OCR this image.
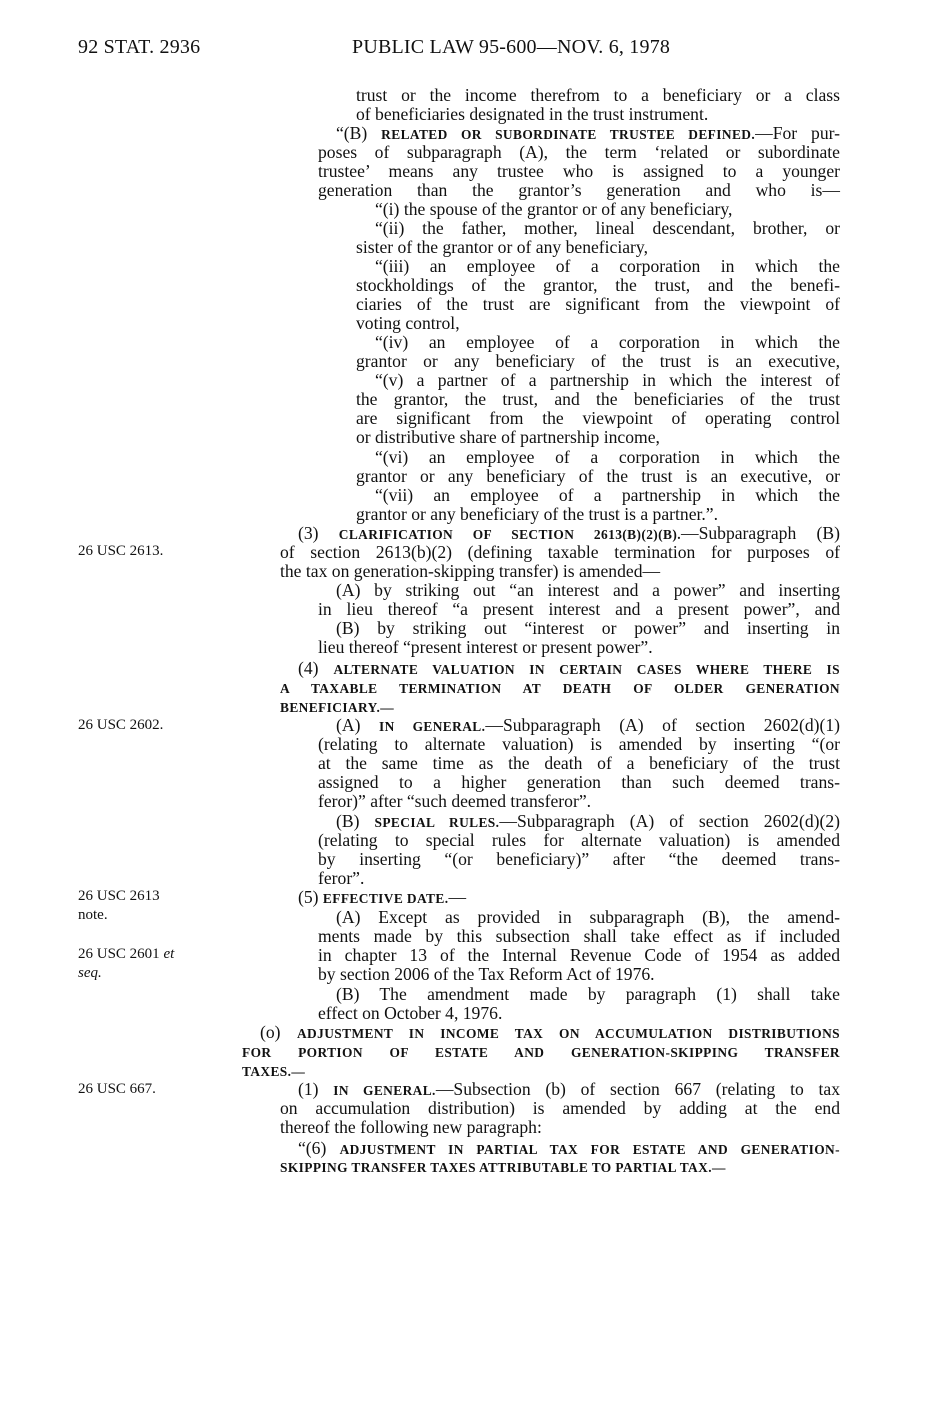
92 STAT. 2936	PUBLIC LAW 95-600—NOV. 6, 1978
26 USC 2613.
26 USC 2602.
26 USC 2613
note.
26 USC 2601 et
seq.
26 USC 667.
trust or the income therefrom to a beneficiary or a class
of beneficiaries designated in the trust instrument.
“(B) RELATED OR SUBORDINATE TRUSTEE DEFINED.—For pur-
poses of subparagraph (A), the term ‘related or subordinate
trustee’ means any trustee who is assigned to a younger
generation than the grantor’s generation and who is—
“(i) the spouse of the grantor or of any beneficiary,
“(ii) the father, mother, lineal descendant, brother, or
sister of the grantor or of any beneficiary,
“(iii) an employee of a corporation in which the
stockholdings of the grantor, the trust, and the benefi-
ciaries of the trust are significant from the viewpoint of
voting control,
“(iv) an employee of a corporation in which the
grantor or any beneficiary of the trust is an executive,
“(v) a partner of a partnership in which the interest of
the grantor, the trust, and the beneficiaries of the trust
are significant from the viewpoint of operating control
or distributive share of partnership income,
“(vi) an employee of a corporation in which the
grantor or any beneficiary of the trust is an executive, or
“(vii) an employee of a partnership in which the
grantor or any beneficiary of the trust is a partner.”.
(3) CLARIFICATION OF SECTION 2613(B)(2)(B).—Subparagraph (B)
of section 2613(b)(2) (defining taxable termination for purposes of
the tax on generation-skipping transfer) is amended—
(A) by striking out “an interest and a power” and inserting
in lieu thereof “a present interest and a present power”, and
(B) by striking out “interest or power” and inserting in
lieu thereof “present interest or present power”.
(4) ALTERNATE VALUATION IN CERTAIN CASES WHERE THERE IS
A TAXABLE TERMINATION AT DEATH OF OLDER GENERATION
BENEFICIARY.—
(A) IN GENERAL.—Subparagraph (A) of section 2602(d)(1)
(relating to alternate valuation) is amended by inserting “(or
at the same time as the death of a beneficiary of the trust
assigned to a higher generation than such deemed trans-
feror)” after “such deemed transferor”.
(B) SPECIAL RULES.—Subparagraph (A) of section 2602(d)(2)
(relating to special rules for alternate valuation) is amended
by inserting “(or beneficiary)” after “the deemed trans-
feror”.
(5) EFFECTIVE DATE.—
(A) Except as provided in subparagraph (B), the amend-
ments made by this subsection shall take effect as if included
in chapter 13 of the Internal Revenue Code of 1954 as added
by section 2006 of the Tax Reform Act of 1976.
(B) The amendment made by paragraph (1) shall take
effect on October 4, 1976.
(o) ADJUSTMENT IN INCOME TAX ON ACCUMULATION DISTRIBUTIONS
FOR PORTION OF ESTATE AND GENERATION-SKIPPING TRANSFER
TAXES.—
(1) IN GENERAL.—Subsection (b) of section 667 (relating to tax
on accumulation distribution) is amended by adding at the end
thereof the following new paragraph:
“(6) ADJUSTMENT IN PARTIAL TAX FOR ESTATE AND GENERATION-
SKIPPING TRANSFER TAXES ATTRIBUTABLE TO PARTIAL TAX.—
